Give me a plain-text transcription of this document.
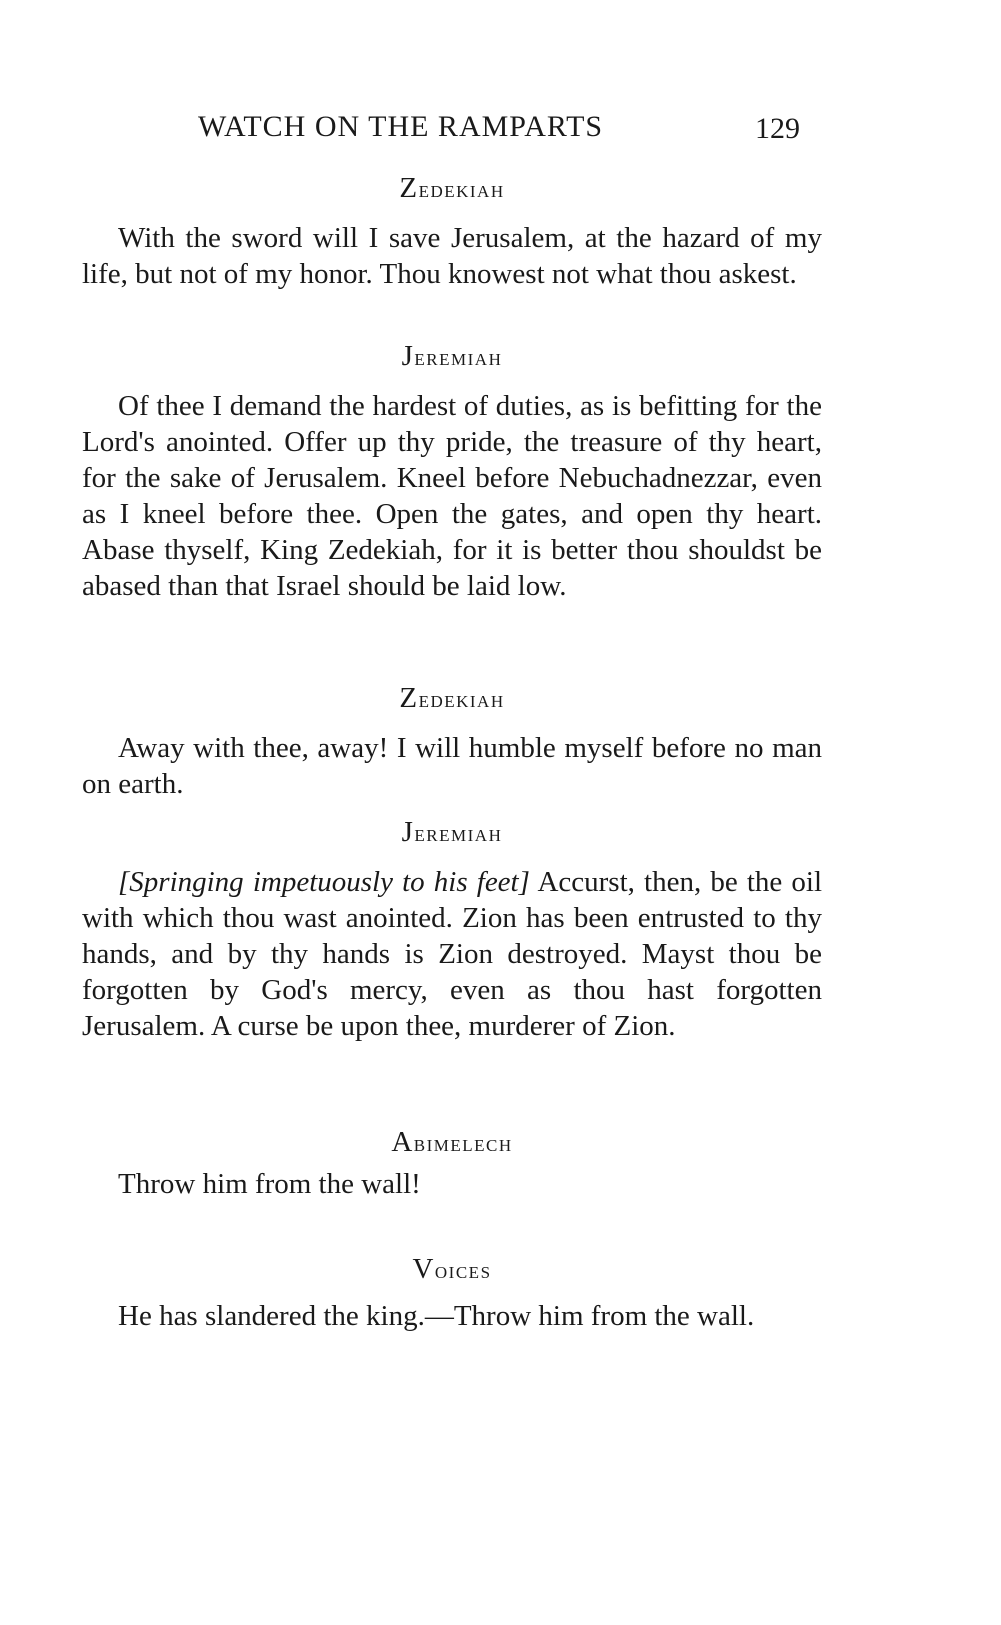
WATCH ON THE RAMPARTS	129
Zedekiah

With the sword will I save Jerusalem, at the hazard of my life, but not of my honor. Thou knowest not what thou askest.

Jeremiah

Of thee I demand the hardest of duties, as is befitting for the Lord's anointed. Offer up thy pride, the treasure of thy heart, for the sake of Jerusalem. Kneel before Nebuchadnezzar, even as I kneel before thee. Open the gates, and open thy heart. Abase thyself, King Zedekiah, for it is better thou shouldst be abased than that Israel should be laid low.

Zedekiah

Away with thee, away! I will humble myself before no man on earth.

Jeremiah

[Springing impetuously to his feet] Accurst, then, be the oil with which thou wast anointed. Zion has been entrusted to thy hands, and by thy hands is Zion destroyed. Mayst thou be forgotten by God's mercy, even as thou hast forgotten Jerusalem. A curse be upon thee, murderer of Zion.

Abimelech

Throw him from the wall!

Voices

He has slandered the king.—Throw him from the wall.
